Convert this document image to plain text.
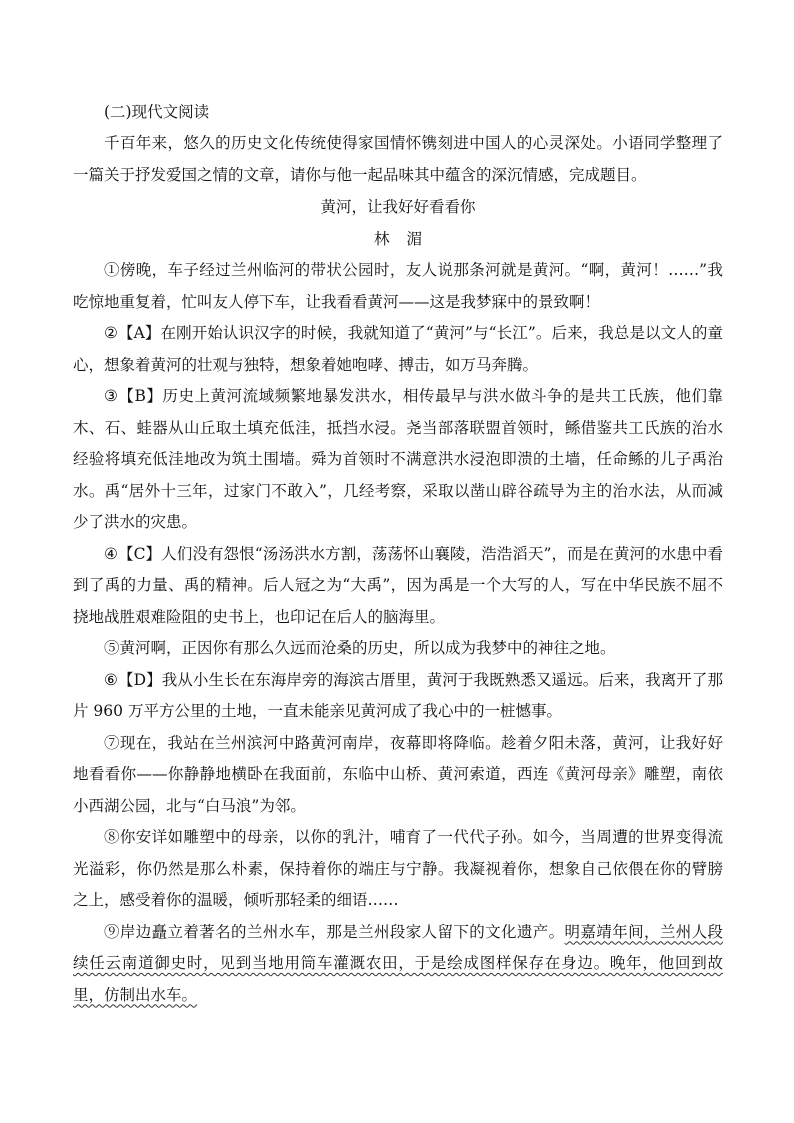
(二)现代文阅读

千百年来，悠久的历史文化传统使得家国情怀镌刻进中国人的心灵深处。小语同学整理了一篇关于抒发爱国之情的文章，请你与他一起品味其中蕴含的深沉情感，完成题目。

黄河，让我好好看看你
林 湄

①傍晚，车子经过兰州临河的带状公园时，友人说那条河就是黄河。“啊，黄河！……”我吃惊地重复着，忙叫友人停下车，让我看看黄河——这是我梦寐中的景致啊！

②【A】在刚开始认识汉字的时候，我就知道了“黄河”与“长江”。后来，我总是以文人的童心，想象着黄河的壮观与独特，想象着她咆哮、搏击，如万马奔腾。

③【B】历史上黄河流域频繁地暴发洪水，相传最早与洪水做斗争的是共工氏族，他们靠木、石、蛙器从山丘取土填充低洼，抵挡水浸。尧当部落联盟首领时，鲧借鉴共工氏族的治水经验将填充低洼地改为筑土围墙。舜为首领时不满意洪水浸泡即溃的土墙，任命鲧的儿子禹治水。禹“居外十三年，过家门不敢入”，几经考察，采取以凿山辟谷疏导为主的治水法，从而减少了洪水的灾患。

④【C】人们没有怨恨“汤汤洪水方割，荡荡怀山襄陵，浩浩滔天”，而是在黄河的水患中看到了禹的力量、禹的精神。后人冠之为“大禹”，因为禹是一个大写的人，写在中华民族不屈不挠地战胜艰难险阻的史书上，也印记在后人的脑海里。

⑤黄河啊，正因你有那么久远而沧桑的历史，所以成为我梦中的神往之地。

⑥【D】我从小生长在东海岸旁的海滨古厝里，黄河于我既熟悉又遥远。后来，我离开了那片 960 万平方公里的土地，一直未能亲见黄河成了我心中的一桩憾事。

⑦现在，我站在兰州滨河中路黄河南岸，夜幕即将降临。趁着夕阳未落，黄河，让我好好地看看你——你静静地横卧在我面前，东临中山桥、黄河索道，西连《黄河母亲》雕塑，南依小西湖公园，北与“白马浪”为邻。

⑧你安详如雕塑中的母亲，以你的乳汁，哺育了一代代子孙。如今，当周遭的世界变得流光溢彩，你仍然是那么朴素，保持着你的端庄与宁静。我凝视着你，想象自己依偎在你的臂膀之上，感受着你的温暖，倾听那轻柔的细语……

⑨岸边矗立着著名的兰州水车，那是兰州段家人留下的文化遗产。明嘉靖年间，兰州人段续任云南道御史时，见到当地用筒车灌溉农田，于是绘成图样保存在身边。晚年，他回到故里，仿制出水车。
